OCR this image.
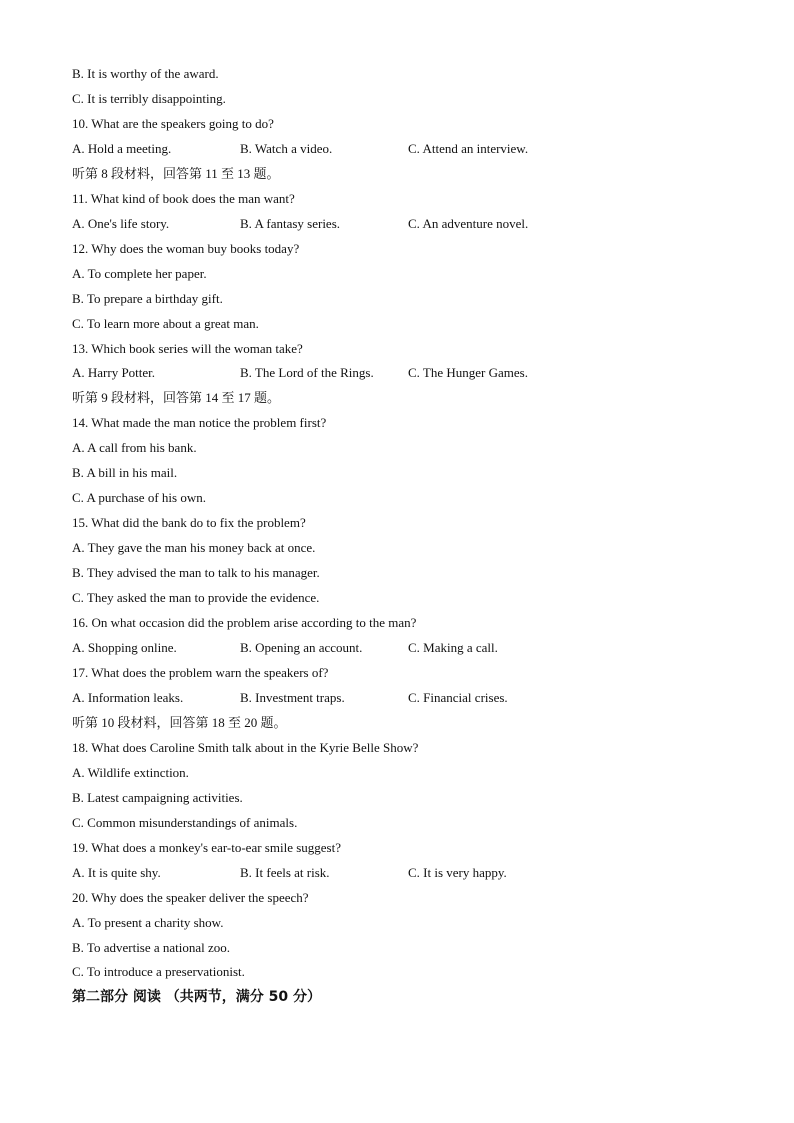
B. It is worthy of the award.
C. It is terribly disappointing.
10. What are the speakers going to do?
A. Hold a meeting.	B. Watch a video.	C. Attend an interview.
听第 8 段材料，回答第 11 至 13 题。
11. What kind of book does the man want?
A. One's life story.	B. A fantasy series.	C. An adventure novel.
12. Why does the woman buy books today?
A. To complete her paper.
B. To prepare a birthday gift.
C. To learn more about a great man.
13. Which book series will the woman take?
A. Harry Potter.	B. The Lord of the Rings.	C. The Hunger Games.
听第 9 段材料，回答第 14 至 17 题。
14. What made the man notice the problem first?
A. A call from his bank.
B. A bill in his mail.
C. A purchase of his own.
15. What did the bank do to fix the problem?
A. They gave the man his money back at once.
B. They advised the man to talk to his manager.
C. They asked the man to provide the evidence.
16. On what occasion did the problem arise according to the man?
A. Shopping online.	B. Opening an account.	C. Making a call.
17. What does the problem warn the speakers of?
A. Information leaks.	B. Investment traps.	C. Financial crises.
听第 10 段材料，回答第 18 至 20 题。
18. What does Caroline Smith talk about in the Kyrie Belle Show?
A. Wildlife extinction.
B. Latest campaigning activities.
C. Common misunderstandings of animals.
19. What does a monkey's ear-to-ear smile suggest?
A. It is quite shy.	B. It feels at risk.	C. It is very happy.
20. Why does the speaker deliver the speech?
A. To present a charity show.
B. To advertise a national zoo.
C. To introduce a preservationist.
第二部分 阅读 （共两节，满分 50 分）
